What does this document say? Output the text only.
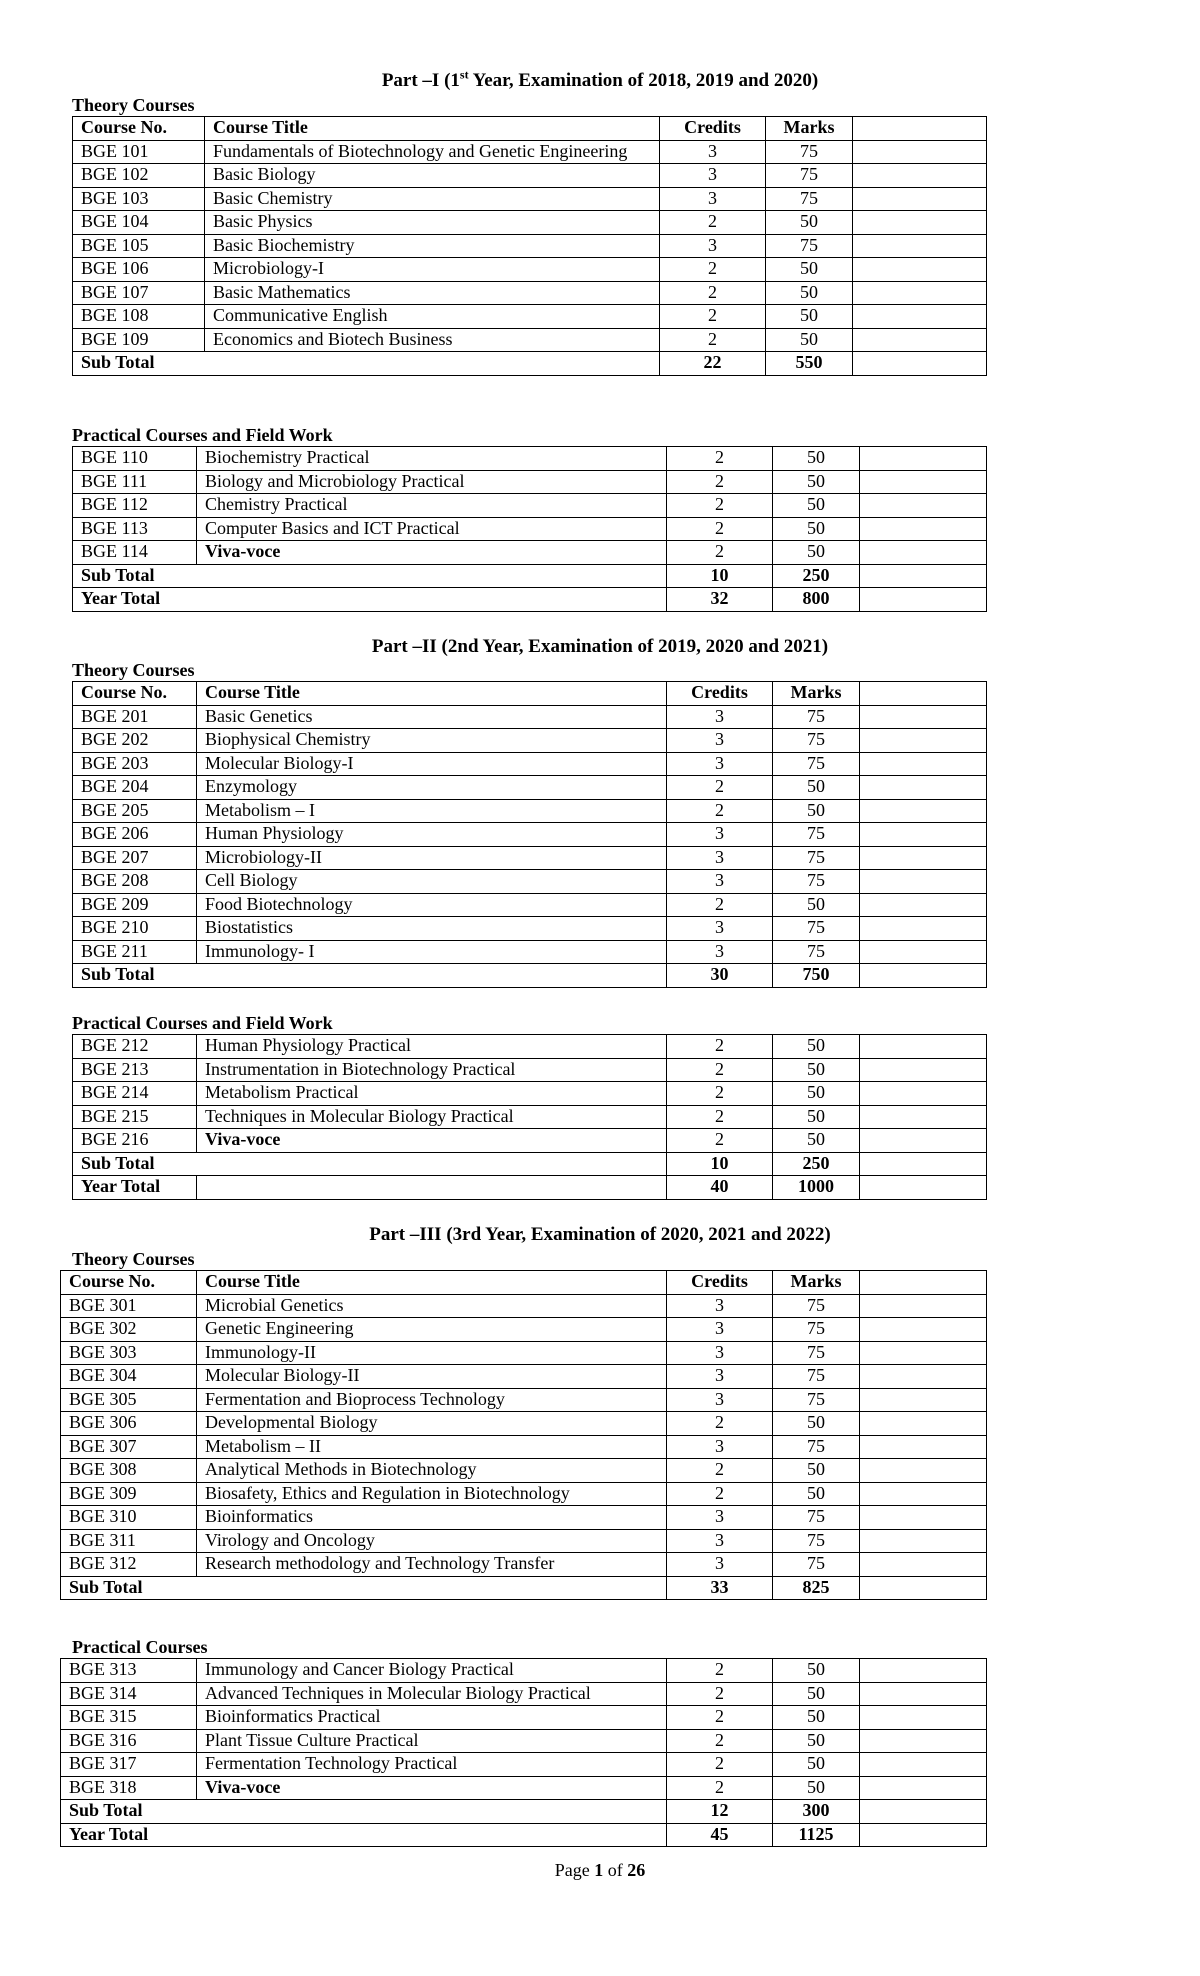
Part –I (1st Year, Examination of 2018, 2019 and 2020)
Theory Courses
Course No.	Course Title	Credits	Marks	
BGE 101	Fundamentals of Biotechnology and Genetic Engineering	3	75	
BGE 102	Basic Biology	3	75	
BGE 103	Basic Chemistry	3	75	
BGE 104	Basic Physics	2	50	
BGE 105	Basic Biochemistry	3	75	
BGE 106	Microbiology-I	2	50	
BGE 107	Basic Mathematics	2	50	
BGE 108	Communicative English	2	50	
BGE 109	Economics and Biotech Business	2	50	
Sub Total		22	550	
Practical Courses and Field Work
BGE 110	Biochemistry Practical	2	50	
BGE 111	Biology and Microbiology Practical	2	50	
BGE 112	Chemistry Practical	2	50	
BGE 113	Computer Basics and ICT Practical	2	50	
BGE 114	Viva-voce	2	50	
Sub Total		10	250	
Year Total		32	800	
Part –II (2nd Year, Examination of 2019, 2020 and 2021)
Theory Courses
Course No.	Course Title	Credits	Marks	
BGE 201	Basic Genetics	3	75	
BGE 202	Biophysical Chemistry	3	75	
BGE 203	Molecular Biology-I	3	75	
BGE 204	Enzymology	2	50	
BGE 205	Metabolism – I	2	50	
BGE 206	Human Physiology	3	75	
BGE 207	Microbiology-II	3	75	
BGE 208	Cell Biology	3	75	
BGE 209	Food Biotechnology	2	50	
BGE 210	Biostatistics	3	75	
BGE 211	Immunology- I	3	75	
Sub Total		30	750	
Practical Courses and Field Work
BGE 212	Human Physiology Practical	2	50	
BGE 213	Instrumentation in Biotechnology Practical	2	50	
BGE 214	Metabolism Practical	2	50	
BGE 215	Techniques in Molecular Biology Practical	2	50	
BGE 216	Viva-voce	2	50	
Sub Total		10	250	
Year Total		40	1000	
Part –III (3rd Year, Examination of 2020, 2021 and 2022)
Theory Courses
Course No.	Course Title	Credits	Marks	
BGE 301	Microbial Genetics	3	75	
BGE 302	Genetic Engineering	3	75	
BGE 303	Immunology-II	3	75	
BGE 304	Molecular Biology-II	3	75	
BGE 305	Fermentation and Bioprocess Technology	3	75	
BGE 306	Developmental Biology	2	50	
BGE 307	Metabolism – II	3	75	
BGE 308	Analytical Methods in Biotechnology	2	50	
BGE 309	Biosafety, Ethics and Regulation in Biotechnology	2	50	
BGE 310	Bioinformatics	3	75	
BGE 311	Virology and Oncology	3	75	
BGE 312	Research methodology and Technology Transfer	3	75	
Sub Total		33	825	
Practical Courses
BGE 313	Immunology and Cancer Biology Practical	2	50	
BGE 314	Advanced Techniques in Molecular Biology Practical	2	50	
BGE 315	Bioinformatics Practical	2	50	
BGE 316	Plant Tissue Culture Practical	2	50	
BGE 317	Fermentation Technology Practical	2	50	
BGE 318	Viva-voce	2	50	
Sub Total		12	300	
Year Total		45	1125	
Page 1 of 26
